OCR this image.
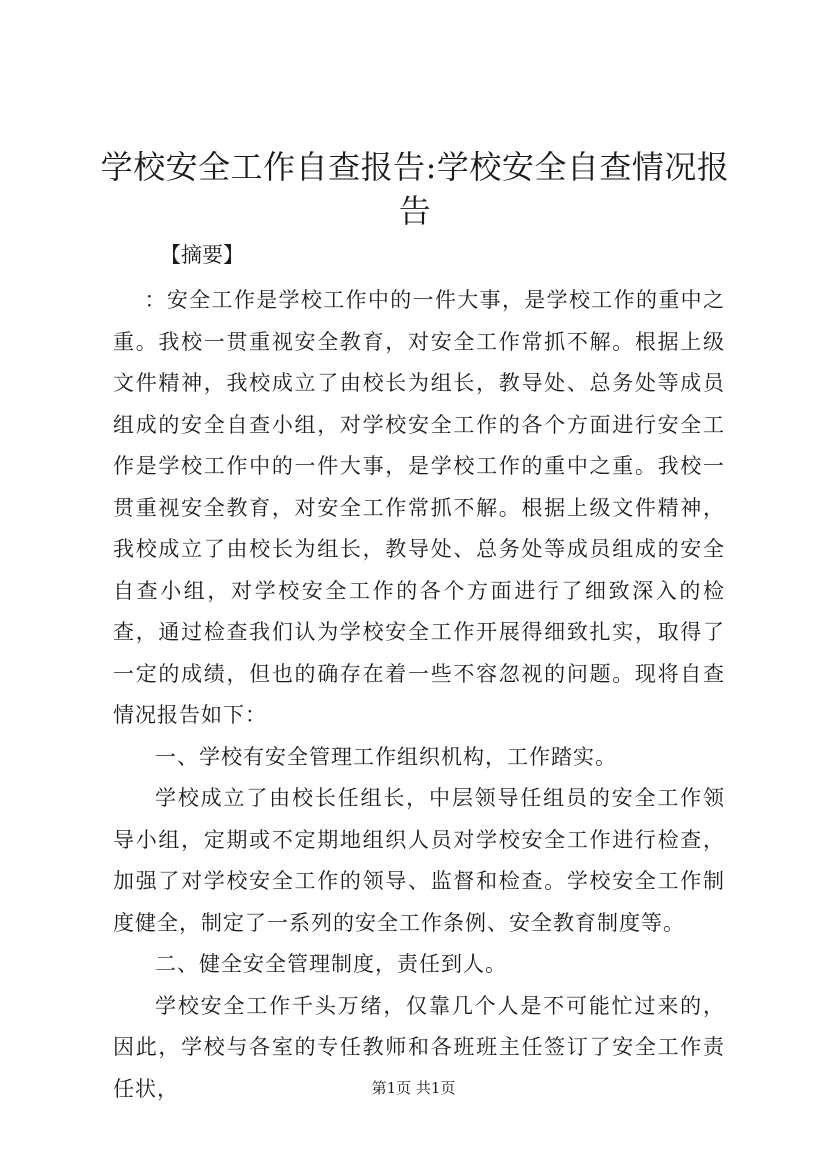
学校安全工作自查报告:学校安全自查情况报告
【摘要】

：安全工作是学校工作中的一件大事，是学校工作的重中之重。我校一贯重视安全教育，对安全工作常抓不解。根据上级文件精神，我校成立了由校长为组长，教导处、总务处等成员组成的安全自查小组，对学校安全工作的各个方面进行安全工作是学校工作中的一件大事，是学校工作的重中之重。我校一贯重视安全教育，对安全工作常抓不解。根据上级文件精神，我校成立了由校长为组长，教导处、总务处等成员组成的安全自查小组，对学校安全工作的各个方面进行了细致深入的检查，通过检查我们认为学校安全工作开展得细致扎实，取得了一定的成绩，但也的确存在着一些不容忽视的问题。现将自查情况报告如下：

一、学校有安全管理工作组织机构，工作踏实。

学校成立了由校长任组长，中层领导任组员的安全工作领导小组，定期或不定期地组织人员对学校安全工作进行检查，加强了对学校安全工作的领导、监督和检查。学校安全工作制度健全，制定了一系列的安全工作条例、安全教育制度等。

二、健全安全管理制度，责任到人。

学校安全工作千头万绪，仅靠几个人是不可能忙过来的，因此，学校与各室的专任教师和各班班主任签订了安全工作责任状，	第1页 共1页
